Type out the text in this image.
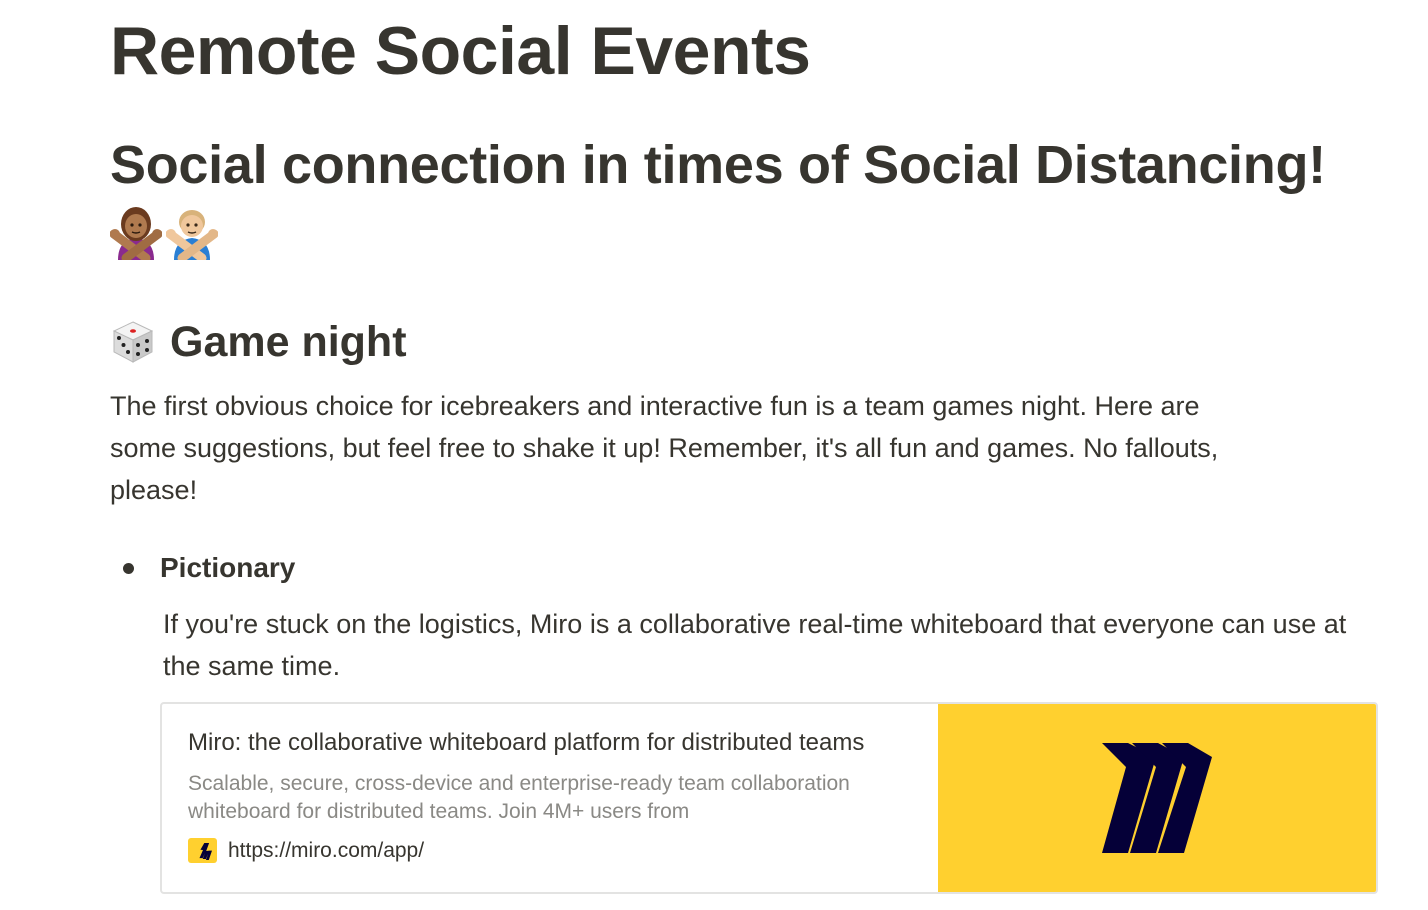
Remote Social Events
Social connection in times of Social Distancing!
Game night

The first obvious choice for icebreakers and interactive fun is a team games night. Here are some suggestions, but feel free to shake it up! Remember, it's all fun and games. No fallouts, please!

Pictionary

If you're stuck on the logistics, Miro is a collaborative real-time whiteboard that everyone can use at the same time.

Miro: the collaborative whiteboard platform for distributed teams
Scalable, secure, cross-device and enterprise-ready team collaboration whiteboard for distributed teams. Join 4M+ users from
https://miro.com/app/
